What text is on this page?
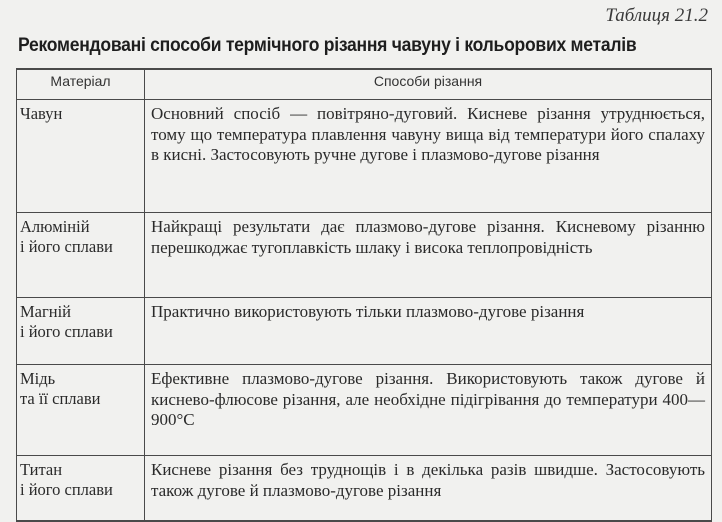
Таблиця 21.2
Рекомендовані способи термічного різання чавуну і кольорових металів
Матеріал	Способи різання

Чавун	Основний спосіб — повітряно-дуговий. Кисневе різання утруднюється, тому що температура плавлення чавуну вища від температури його спалаху в кисні. Застосовують ручне дугове і плазмово-дугове різання

Алюміній
і його сплави	Найкращі результати дає плазмово-дугове різання. Кисневому різанню перешкоджає тугоплавкість шлаку і висока теплопровідність

Магній
і його сплави	Практично використовують тільки плазмово-дугове різання

Мідь
та її сплави	Ефективне плазмово-дугове різання. Використовують також дугове й киснево-флюсове різання, але необхідне підігрівання до температури 400—900°С

Титан
і його сплави	Кисневе різання без труднощів і в декілька разів швидше. Застосовують також дугове й плазмово-дугове різання
